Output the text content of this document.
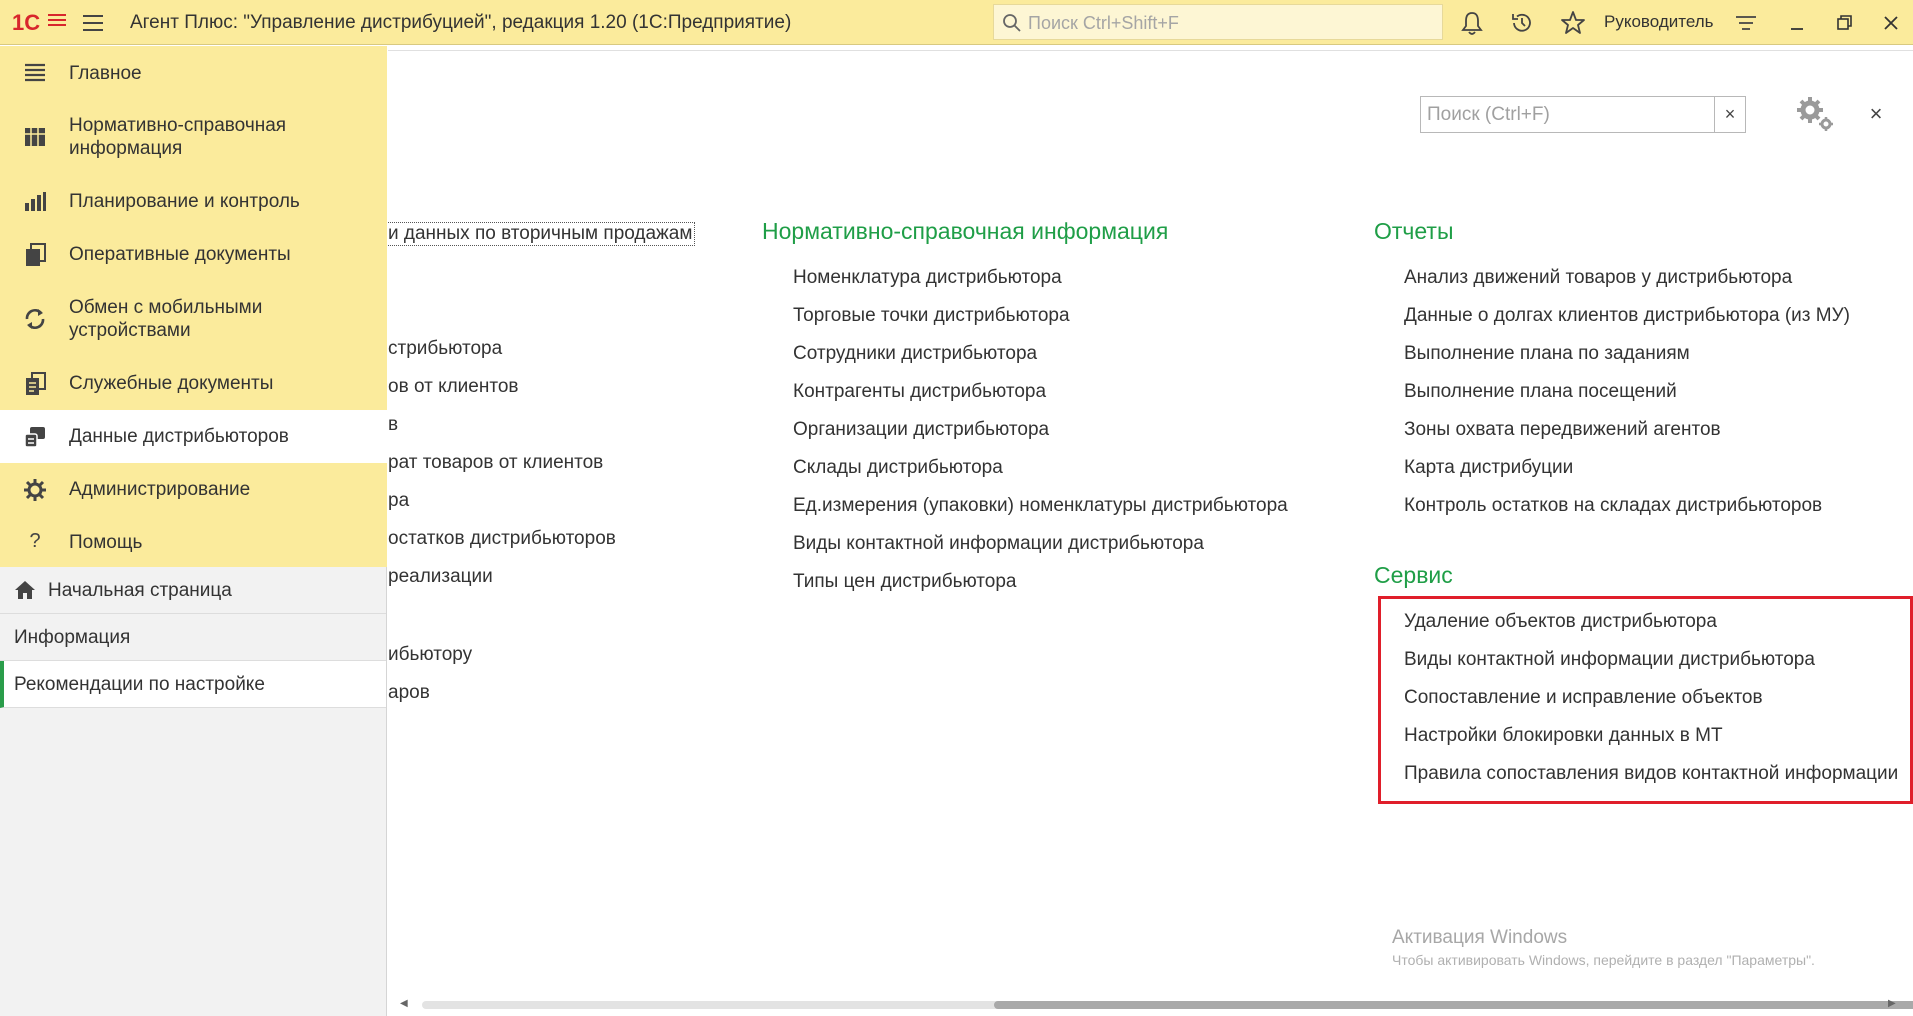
1С	Агент Плюс: "Управление дистрибуцией", редакция 1.20 (1С:Предприятие)
Поиск Ctrl+Shift+F	Руководитель
Главное
Нормативно-справочная информация
Планирование и контроль
Оперативные документы
Обмен с мобильными устройствами
Служебные документы
Данные дистрибьюторов
Администрирование
?	Помощь
Начальная страница
Информация
Рекомендации по настройке
Поиск (Ctrl+F)
×	×
и данных по вторичным продажам
стрибьютора
ов от клиентов
в
рат товаров от клиентов
ра
остатков дистрибьюторов
реализации
ибьютору
аров
Нормативно-справочная информация
Номенклатура дистрибьютора
Торговые точки дистрибьютора
Сотрудники дистрибьютора
Контрагенты дистрибьютора
Организации дистрибьютора
Склады дистрибьютора
Ед.измерения (упаковки) номенклатуры дистрибьютора
Виды контактной информации дистрибьютора
Типы цен дистрибьютора
Отчеты
Анализ движений товаров у дистрибьютора
Данные о долгах клиентов дистрибьютора (из МУ)
Выполнение плана по заданиям
Выполнение плана посещений
Зоны охвата передвижений агентов
Карта дистрибуции
Контроль остатков на складах дистрибьюторов
Сервис
Удаление объектов дистрибьютора
Виды контактной информации дистрибьютора
Сопоставление и исправление объектов
Настройки блокировки данных в МТ
Правила сопоставления видов контактной информации
Активация Windows
Чтобы активировать Windows, перейдите в раздел "Параметры".
◀	▶
